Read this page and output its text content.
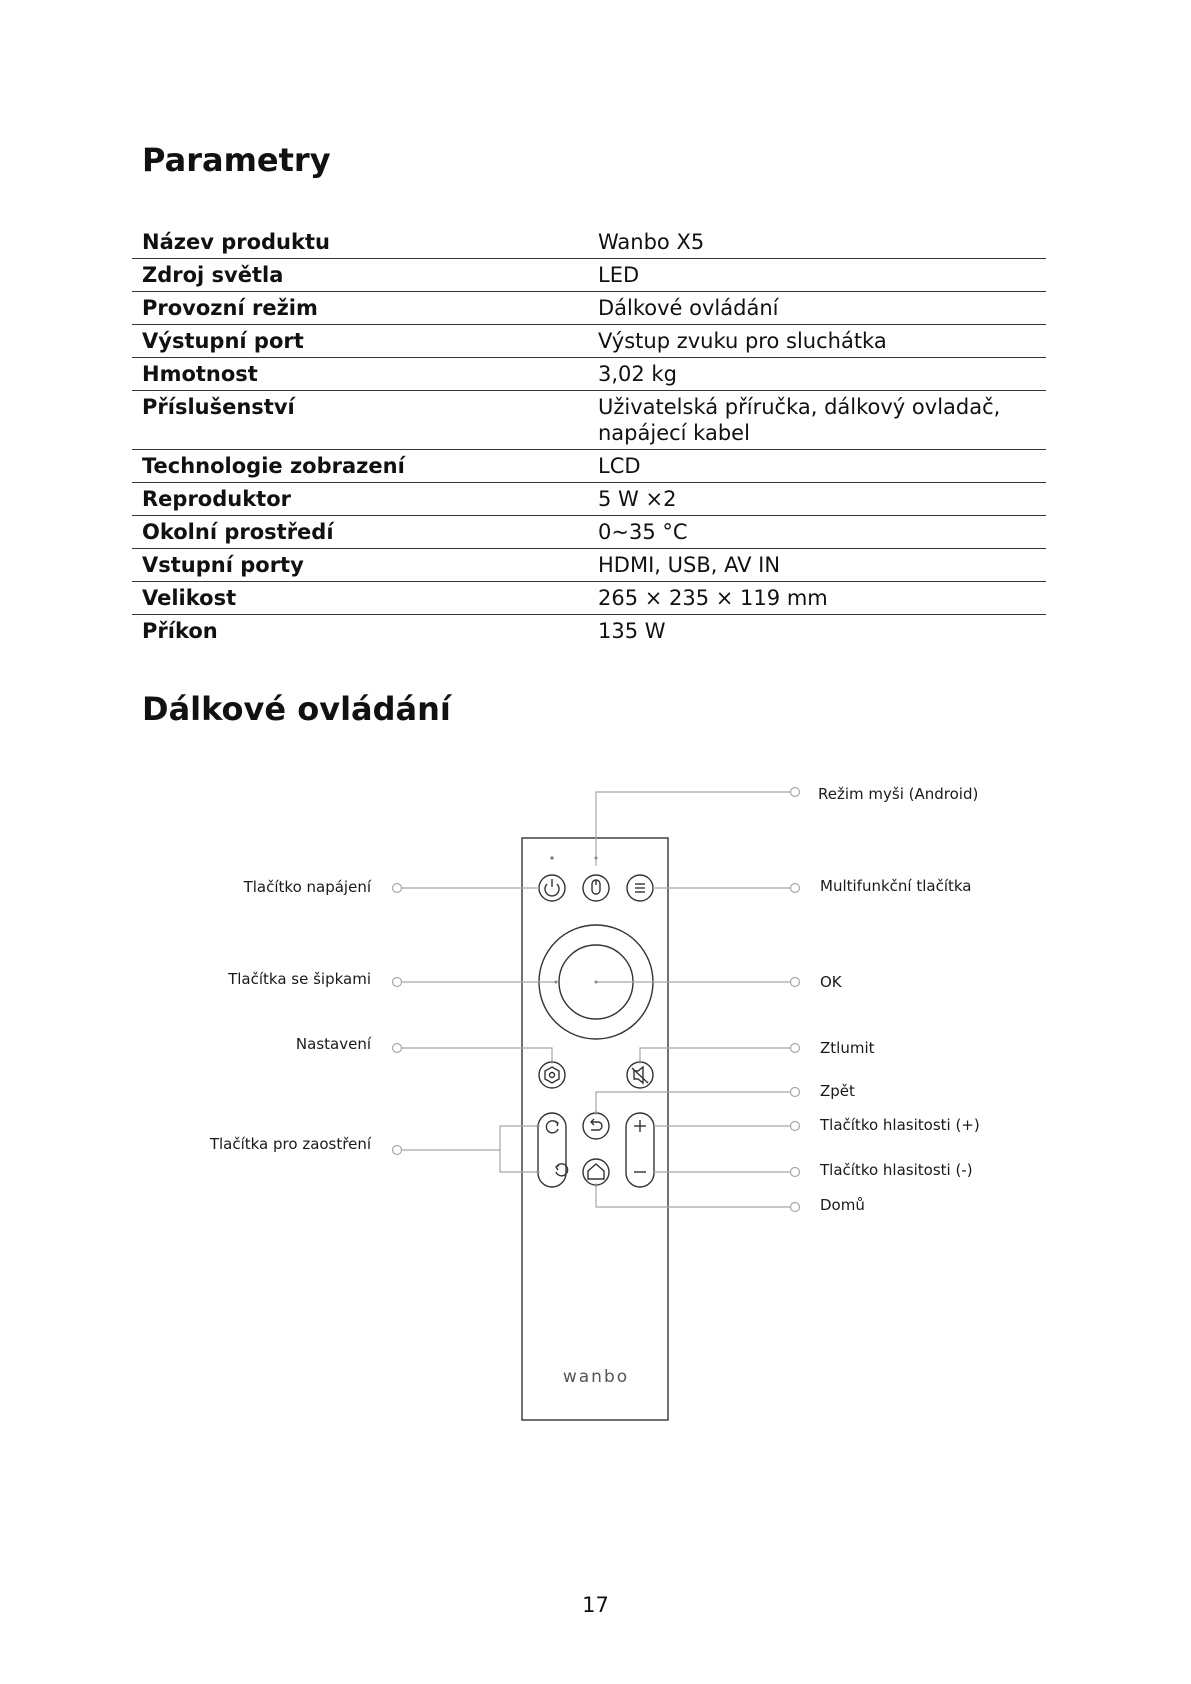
Parametry
Název produktu	Wanbo X5
Zdroj světla	LED
Provozní režim	Dálkové ovládání
Výstupní port	Výstup zvuku pro sluchátka
Hmotnost	3,02 kg
Příslušenství	Uživatelská příručka, dálkový ovladač,
napájecí kabel

Technologie zobrazení	LCD
Reproduktor	5 W ×2
Okolní prostředí	0~35 °C
Vstupní porty	HDMI, USB, AV IN
Velikost	265 × 235 × 119 mm
Příkon	135 W
Dálkové ovládání
wanbo
Režim myši (Android)
Tlačítko napájení	Multifunkční tlačítka
Tlačítka se šipkami	OK
Nastavení	Ztlumit
Zpět
Tlačítka pro zaostření
Tlačítko hlasitosti (+)
Tlačítko hlasitosti (-)
Domů
17
